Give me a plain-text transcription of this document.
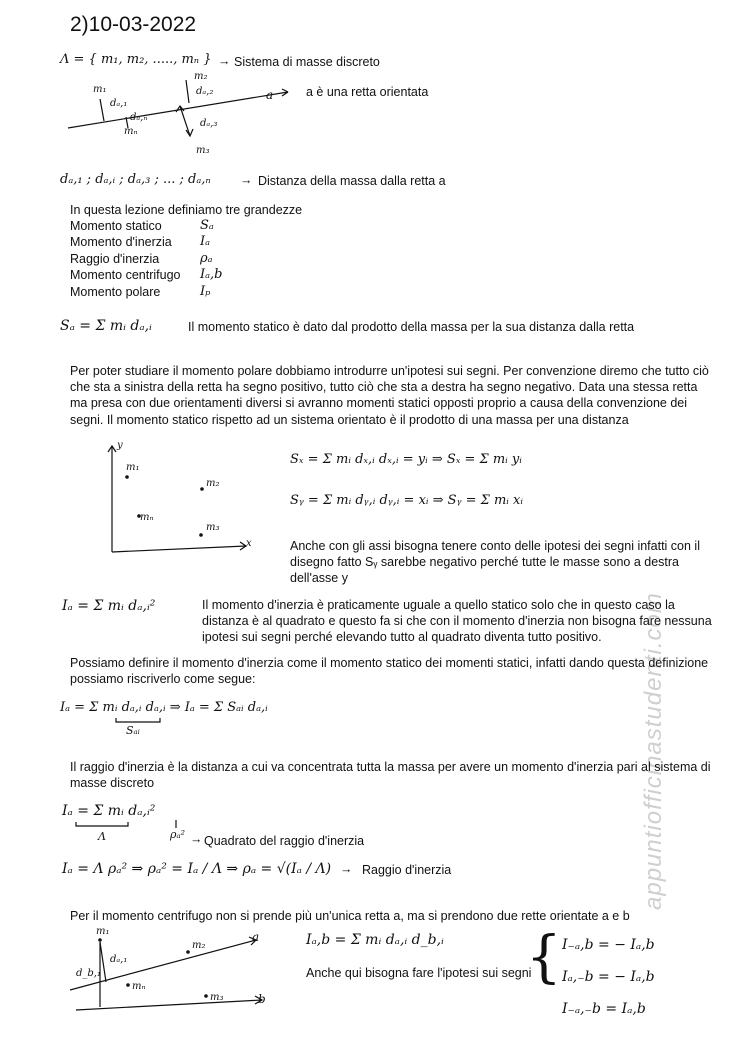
2)10-03-2022
appuntiofficinastudenti.com
Λ = { m₁, m₂, ....., mₙ } → Sistema di masse discreto
m₁
dₐ,₁
m₂
dₐ,₂	a
dₐ,ₙ
mₙ
dₐ,₃
m₃
a è una retta orientata
dₐ,₁ ; dₐ,ᵢ ; dₐ,₃ ; ... ; dₐ,ₙ → Distanza della massa dalla retta a
In questa lezione definiamo tre grandezze
Momento statico	Sₐ
Momento d'inerzia	Iₐ
Raggio d'inerzia	ρₐ
Momento centrifugo	Iₐ,b
Momento polare	Iₚ
Sₐ = Σ mᵢ dₐ,ᵢ	Il momento statico è dato dal prodotto della massa per la sua distanza dalla retta
Per poter studiare il momento polare dobbiamo introdurre un'ipotesi sui segni. Per convenzione diremo che tutto ciò che sta a sinistra della retta ha segno positivo, tutto ciò che sta a destra ha segno negativo. Data una stessa retta ma presa con due orientamenti diversi si avranno momenti statici opposti proprio a causa della convenzione dei segni. Il momento statico rispetto ad un sistema orientato è il prodotto di una massa per una distanza
y
x
m₁
m₂
mₙ
m₃
Sₓ = Σ mᵢ dₓ,ᵢ dₓ,ᵢ = yᵢ ⇒ Sₓ = Σ mᵢ yᵢ
Sᵧ = Σ mᵢ dᵧ,ᵢ dᵧ,ᵢ = xᵢ ⇒ Sᵧ = Σ mᵢ xᵢ
Anche con gli assi bisogna tenere conto delle ipotesi dei segni infatti con il disegno fatto Sᵧ sarebbe negativo perché tutte le masse sono a destra dell'asse y
Iₐ = Σ mᵢ dₐ,ᵢ²	Il momento d'inerzia è praticamente uguale a quello statico solo che in questo caso la distanza è al quadrato e questo fa si che con il momento d'inerzia non bisogna fare nessuna ipotesi sui segni perché elevando tutto al quadrato diventa tutto positivo.
Possiamo definire il momento d'inerzia come il momento statico dei momenti statici, infatti dando questa definizione possiamo riscriverlo come segue:
Iₐ = Σ mᵢ dₐ,ᵢ dₐ,ᵢ ⇒ Iₐ = Σ Sₐᵢ dₐ,ᵢ
Sₐᵢ
Il raggio d'inerzia è la distanza a cui va concentrata tutta la massa per avere un momento d'inerzia pari al sistema di masse discreto
Iₐ = Σ mᵢ dₐ,ᵢ²
Λ	ρₐ² → Quadrato del raggio d'inerzia
Iₐ = Λ ρₐ² ⇒ ρₐ² = Iₐ / Λ ⇒ ρₐ = √(Iₐ / Λ) → Raggio d'inerzia
Per il momento centrifugo non si prende più un'unica retta a, ma si prendono due rette orientate a e b
m₁
dₐ,₁
d_b,₁
m₂
a
mₙ
m₃	b
Iₐ,b = Σ mᵢ dₐ,ᵢ d_b,ᵢ
Anche qui bisogna fare l'ipotesi sui segni
{ I₋ₐ,b = − Iₐ,b
Iₐ,₋b = − Iₐ,b
I₋ₐ,₋b = Iₐ,b
